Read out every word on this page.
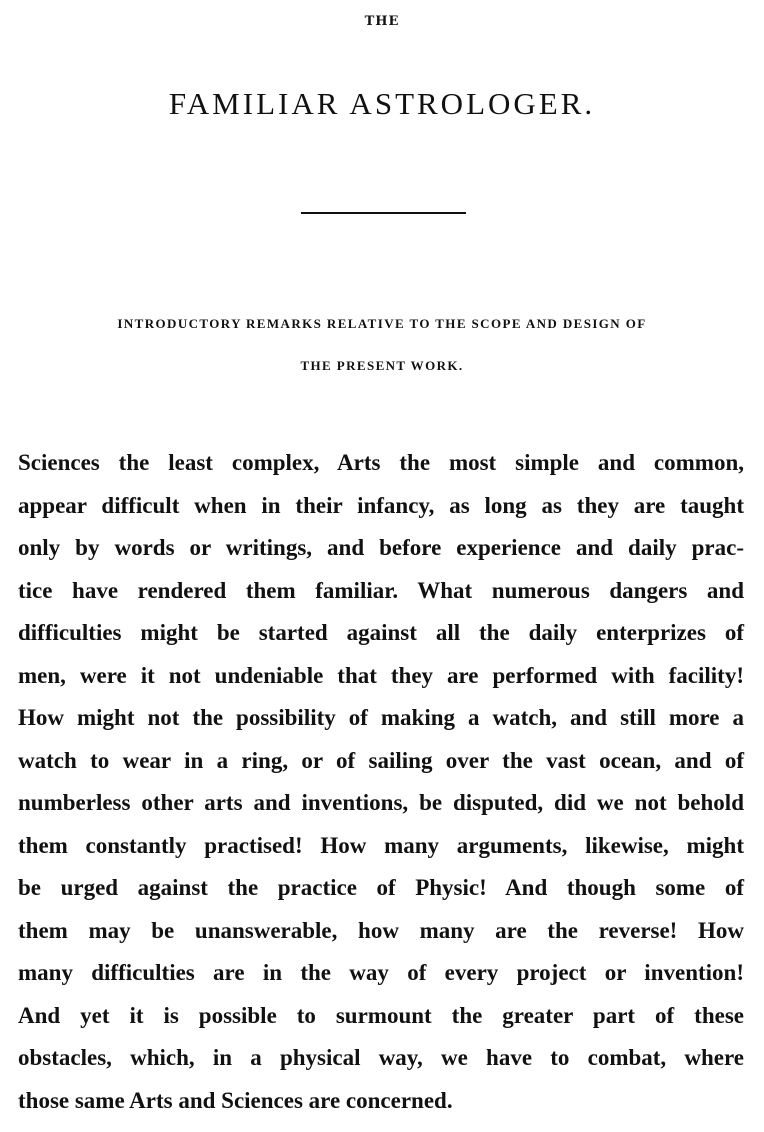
THE
FAMILIAR ASTROLOGER.
INTRODUCTORY REMARKS RELATIVE TO THE SCOPE AND DESIGN OF
THE PRESENT WORK.
Sciences the least complex, Arts the most simple and common,
appear difficult when in their infancy, as long as they are taught
only by words or writings, and before experience and daily prac-
tice have rendered them familiar. What numerous dangers and
difficulties might be started against all the daily enterprizes of
men, were it not undeniable that they are performed with facility!
How might not the possibility of making a watch, and still more a
watch to wear in a ring, or of sailing over the vast ocean, and of
numberless other arts and inventions, be disputed, did we not behold
them constantly practised! How many arguments, likewise, might
be urged against the practice of Physic! And though some of
them may be unanswerable, how many are the reverse! How
many difficulties are in the way of every project or invention!
And yet it is possible to surmount the greater part of these
obstacles, which, in a physical way, we have to combat, where
those same Arts and Sciences are concerned.
